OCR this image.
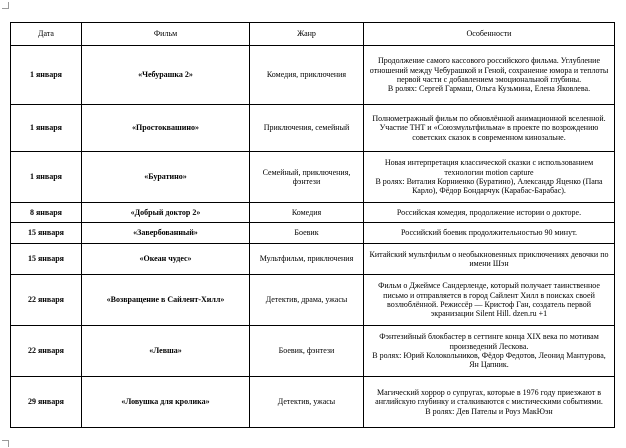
Дата	Фильм	Жанр	Особенности
1 января	«Чебурашка 2»	Комедия, приключения	Продолжение самого кассового российского фильма. Углубление отношений между Чебурашкой и Геной, сохранение юмора и теплоты первой части с добавлением эмоциональной глубины.
В ролях: Сергей Гармаш, Ольга Кузьмина, Елена Яковлева.

1 января	«Простоквашино»	Приключения, семейный	Полнометражный фильм по обновлённой анимационной вселенной. Участие ТНТ и «Союзмультфильма» в проекте по возрождению советских сказок в современном кинозальне.

1 января	«Буратино»	Семейный, приключения, фэнтези	Новая интерпретация классической сказки с использованием технологии motion capture
В ролях: Виталия Корниенко (Буратино), Александр Яценко (Папа Карло), Фёдор Бондарчук (Карабас-Барабас).

8 января	«Добрый доктор 2»	Комедия	Российская комедия, продолжение истории о докторе.

15 января	«Завербованный»	Боевик	Российский боевик продолжительностью 90 минут.

15 января	«Океан чудес»	Мультфильм, приключения	Китайский мультфильм о необыкновенных приключениях девочки по имени Шэн

22 января	«Возвращение в Сайлент-Хилл»	Детектив, драма, ужасы	Фильм о Джеймсе Сандерленде, который получает таинственное письмо и отправляется в город Сайлент Хилл в поисках своей возлюблённой. Режиссёр — Кристоф Ган, создатель первой экранизации Silent Hill. dzen.ru +1

22 января	«Левша»	Боевик, фэнтези	Фэнтезийный блокбастер в сеттинге конца XIX века по мотивам произведений Лескова.
В ролях: Юрий Колокольников, Фёдор Федотов, Леонид Мантурова, Ян Цапник.

29 января	«Ловушка для кролика»	Детектив, ужасы	Магический хоррор о супругах, которые в 1976 году приезжают в английскую глубинку и сталкиваются с мистическими событиями.
В ролях: Дев Пателы и Роуз МакЮэн
